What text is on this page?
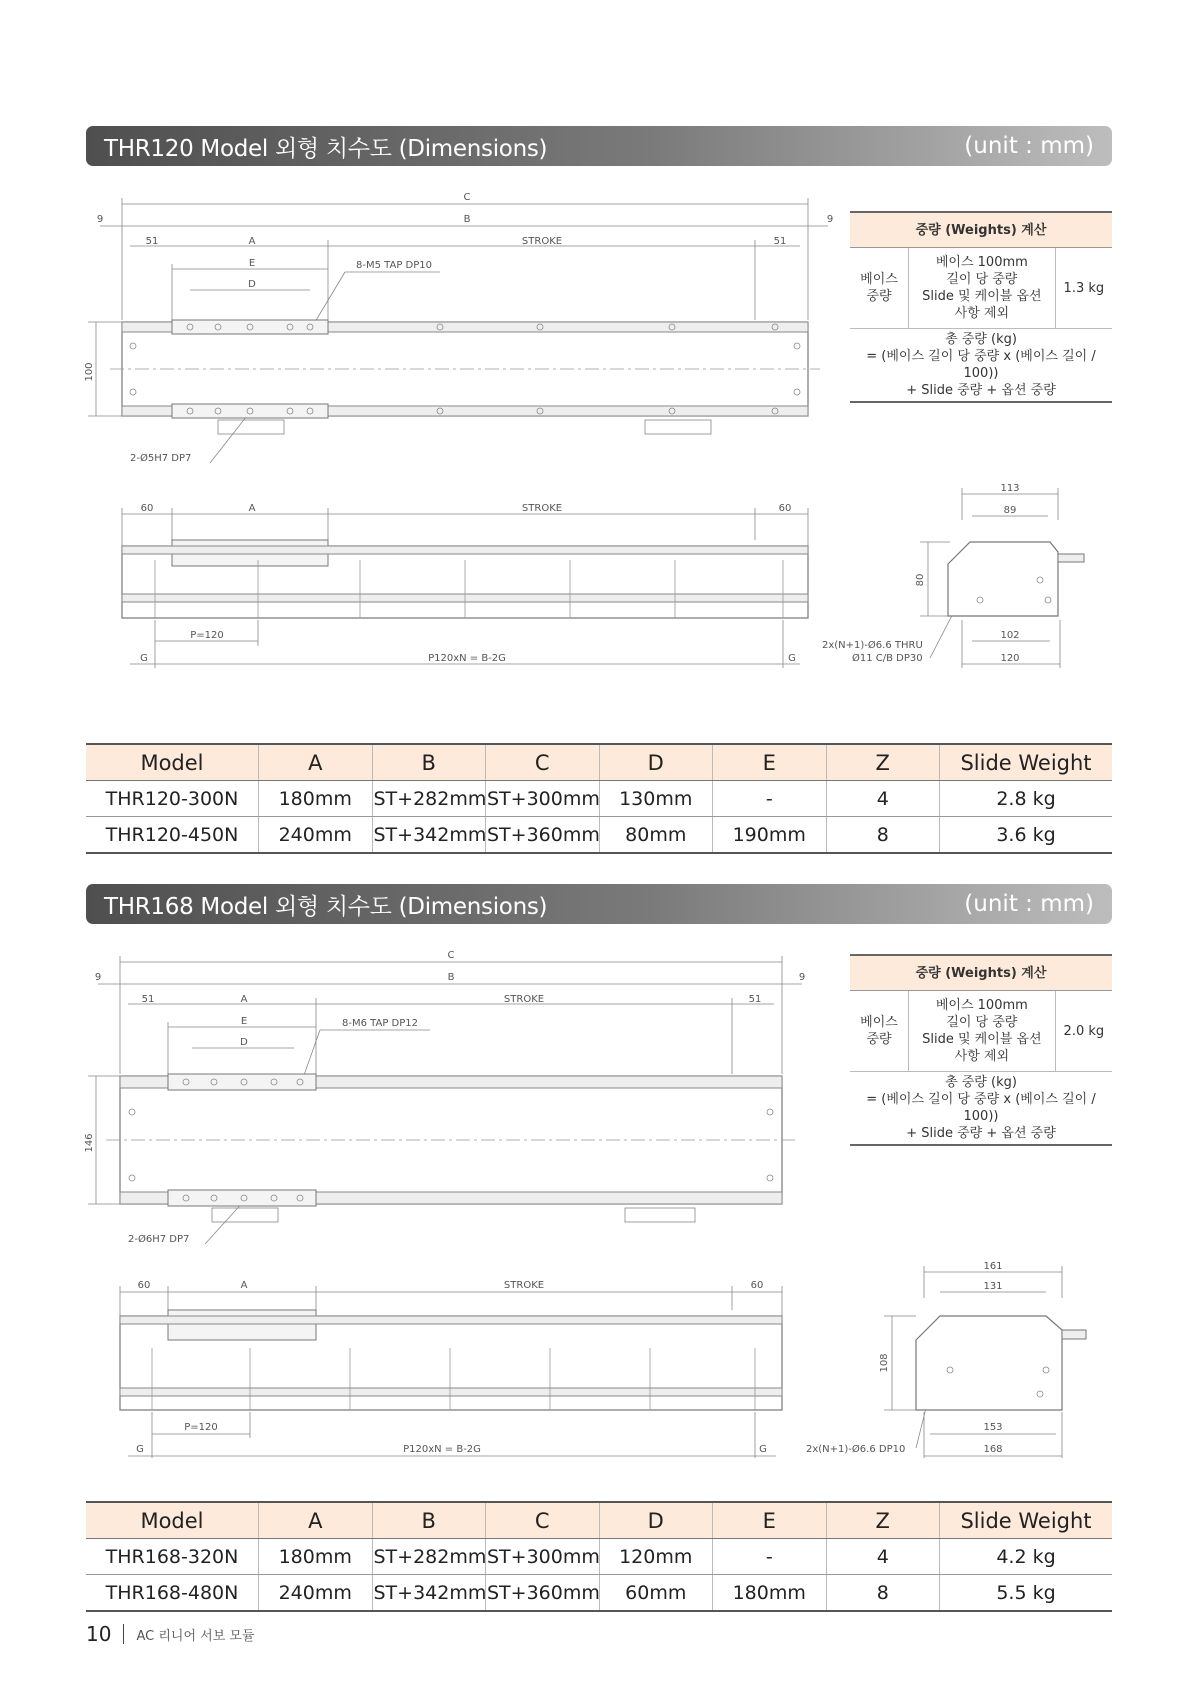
THR120 Model 외형 치수도 (Dimensions)	(unit : mm)
C
B
9	9
51	A	STROKE	51
E
D
8-M5 TAP DP10
100
2-Ø5H7 DP7
60	A	STROKE	60
P=120
G	P120xN = B-2G	G
2x(N+1)-Ø6.6 THRU
Ø11 C/B DP30
113
89
80
102
120
중량 (Weights) 계산
베이스 중량	
베이스 100mm
길이 당 중량
Slide 및 케이블 옵션
사항 제외
	1.3 kg

총 중량 (kg)
= (베이스 길이 당 중량 x (베이스 길이 / 100))
+ Slide 중량 + 옵션 중량
Model	A	B	C	D	E	Z	Slide Weight
THR120-300N	180mm	ST+282mm	ST+300mm	130mm	-	4	2.8 kg
THR120-450N	240mm	ST+342mm	ST+360mm	80mm	190mm	8	3.6 kg
THR168 Model 외형 치수도 (Dimensions)	(unit : mm)
C
B
9	9
51	A	STROKE	51
E
D
8-M6 TAP DP12
146
2-Ø6H7 DP7
60	A	STROKE	60
P=120
G	P120xN = B-2G	G	2x(N+1)-Ø6.6 DP10
161
131
108
153
168
중량 (Weights) 계산
베이스 중량	
베이스 100mm
길이 당 중량
Slide 및 케이블 옵션
사항 제외
	2.0 kg

총 중량 (kg)
= (베이스 길이 당 중량 x (베이스 길이 / 100))
+ Slide 중량 + 옵션 중량
Model	A	B	C	D	E	Z	Slide Weight
THR168-320N	180mm	ST+282mm	ST+300mm	120mm	-	4	4.2 kg
THR168-480N	240mm	ST+342mm	ST+360mm	60mm	180mm	8	5.5 kg
10 AC 리니어 서보 모듈
